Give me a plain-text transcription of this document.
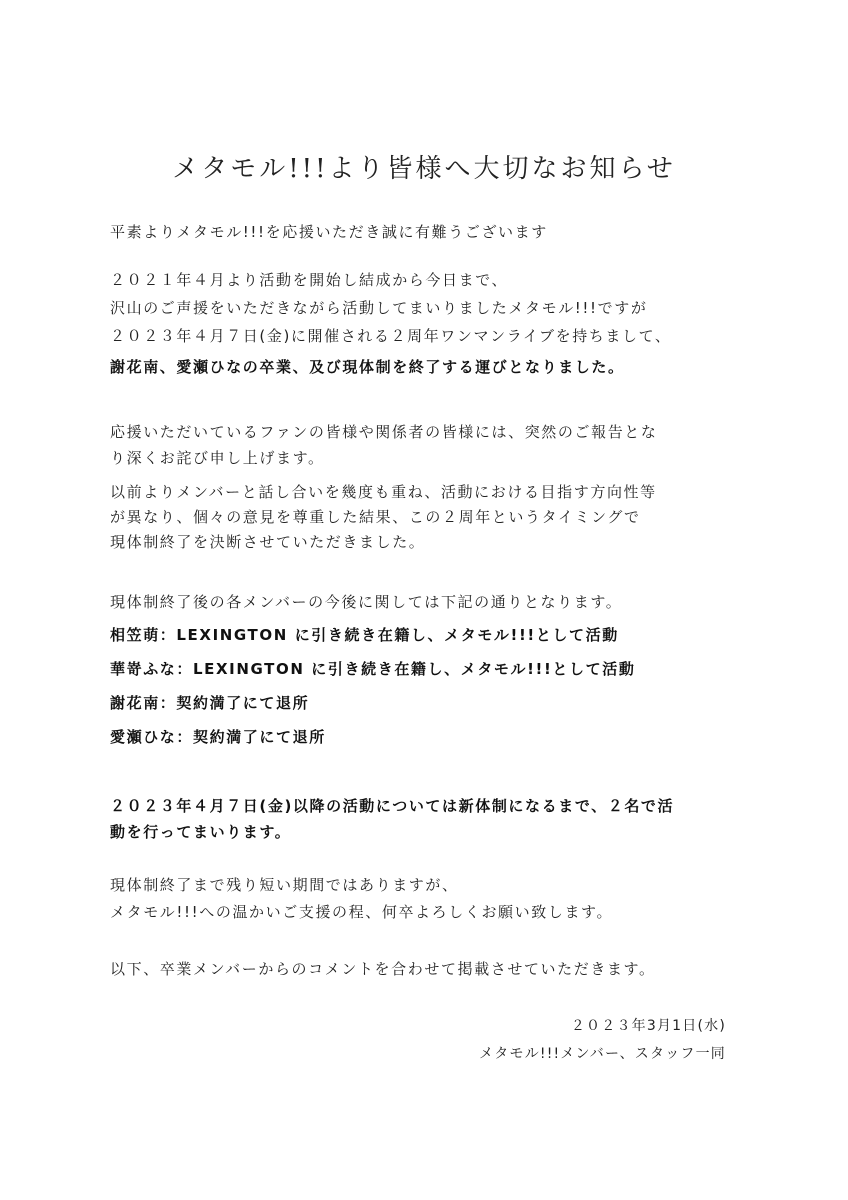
メタモル!!!より皆様へ大切なお知らせ
平素よりメタモル!!!を応援いただき誠に有難うございます
２０２１年４月より活動を開始し結成から今日まで、
沢山のご声援をいただきながら活動してまいりましたメタモル!!!ですが
２０２３年４月７日(金)に開催される２周年ワンマンライブを持ちまして、
謝花南、愛瀬ひなの卒業、及び現体制を終了する運びとなりました。
応援いただいているファンの皆様や関係者の皆様には、突然のご報告とな
り深くお詫び申し上げます。
以前よりメンバーと話し合いを幾度も重ね、活動における目指す方向性等
が異なり、個々の意見を尊重した結果、この２周年というタイミングで
現体制終了を決断させていただきました。
現体制終了後の各メンバーの今後に関しては下記の通りとなります。
相笠萌：LEXINGTON に引き続き在籍し、メタモル!!!として活動
華嵜ふな：LEXINGTON に引き続き在籍し、メタモル!!!として活動
謝花南：契約満了にて退所
愛瀬ひな：契約満了にて退所
２０２３年４月７日(金)以降の活動については新体制になるまで、２名で活
動を行ってまいります。
現体制終了まで残り短い期間ではありますが、
メタモル!!!への温かいご支援の程、何卒よろしくお願い致します。
以下、卒業メンバーからのコメントを合わせて掲載させていただきます。
２０２３年3月1日(水)
メタモル!!!メンバー、スタッフ一同
